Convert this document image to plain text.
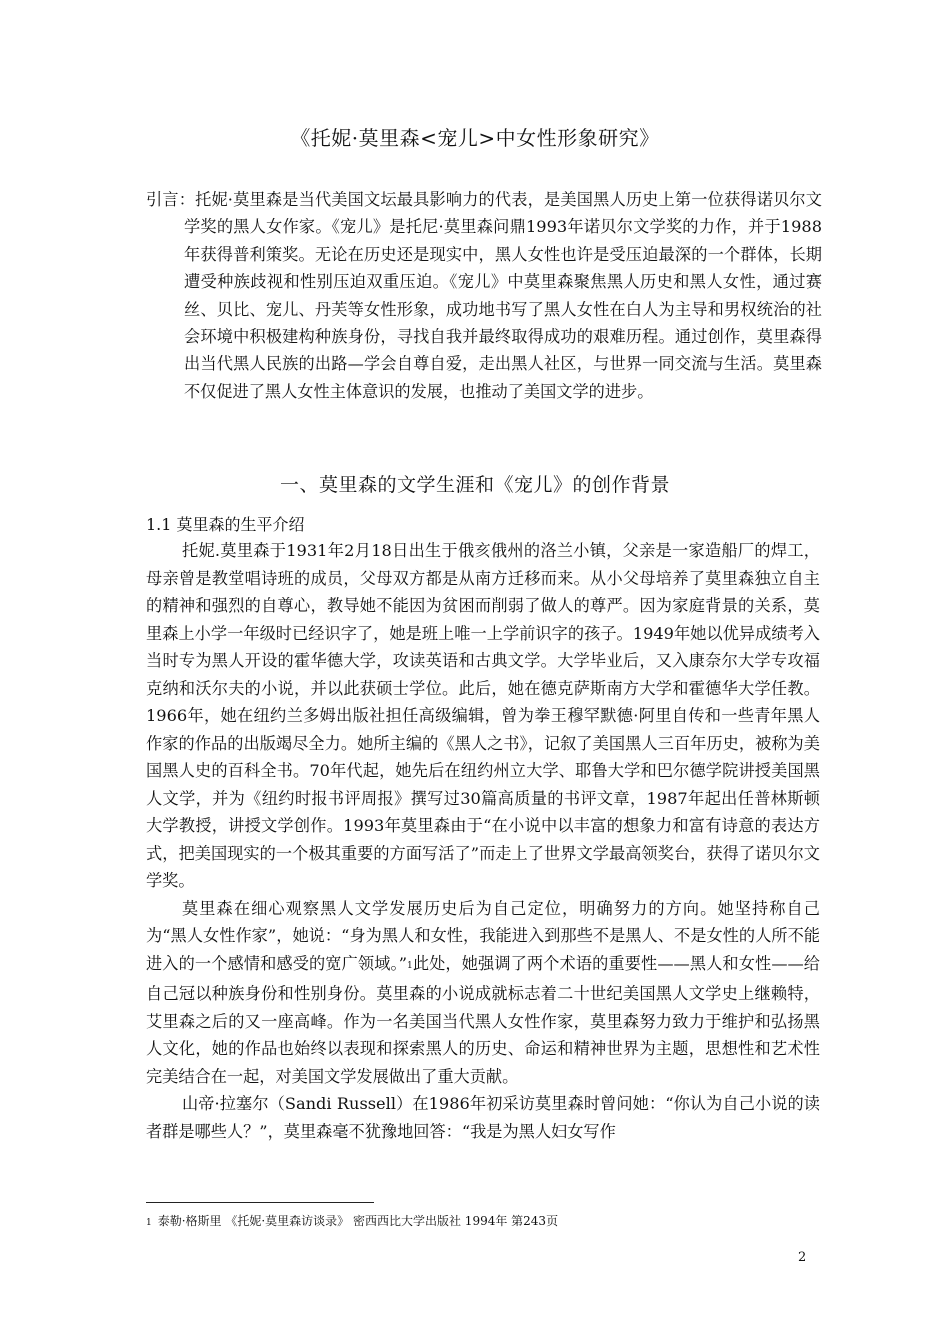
《托妮·莫里森<宠儿>中女性形象研究》

引言：托妮·莫里森是当代美国文坛最具影响力的代表，是美国黑人历史上第一位获得诺贝尔文学奖的黑人女作家。《宠儿》是托尼·莫里森问鼎1993年诺贝尔文学奖的力作，并于1988年获得普利策奖。无论在历史还是现实中，黑人女性也许是受压迫最深的一个群体，长期遭受种族歧视和性别压迫双重压迫。《宠儿》中莫里森聚焦黑人历史和黑人女性，通过赛丝、贝比、宠儿、丹芙等女性形象，成功地书写了黑人女性在白人为主导和男权统治的社会环境中积极建构种族身份，寻找自我并最终取得成功的艰难历程。通过创作，莫里森得出当代黑人民族的出路—学会自尊自爱，走出黑人社区，与世界一同交流与生活。莫里森不仅促进了黑人女性主体意识的发展，也推动了美国文学的进步。

一、莫里森的文学生涯和《宠儿》的创作背景
1.1 莫里森的生平介绍

托妮.莫里森于1931年2月18日出生于俄亥俄州的洛兰小镇，父亲是一家造船厂的焊工，母亲曾是教堂唱诗班的成员，父母双方都是从南方迁移而来。从小父母培养了莫里森独立自主的精神和强烈的自尊心，教导她不能因为贫困而削弱了做人的尊严。因为家庭背景的关系，莫里森上小学一年级时已经识字了，她是班上唯一上学前识字的孩子。1949年她以优异成绩考入当时专为黑人开设的霍华德大学，攻读英语和古典文学。大学毕业后，又入康奈尔大学专攻福克纳和沃尔夫的小说，并以此获硕士学位。此后，她在德克萨斯南方大学和霍德华大学任教。1966年，她在纽约兰多姆出版社担任高级编辑，曾为拳王穆罕默德·阿里自传和一些青年黑人作家的作品的出版竭尽全力。她所主编的《黑人之书》，记叙了美国黑人三百年历史，被称为美国黑人史的百科全书。70年代起，她先后在纽约州立大学、耶鲁大学和巴尔德学院讲授美国黑人文学，并为《纽约时报书评周报》撰写过30篇高质量的书评文章，1987年起出任普林斯顿大学教授，讲授文学创作。1993年莫里森由于“在小说中以丰富的想象力和富有诗意的表达方式，把美国现实的一个极其重要的方面写活了”而走上了世界文学最高领奖台，获得了诺贝尔文学奖。

莫里森在细心观察黑人文学发展历史后为自己定位，明确努力的方向。她坚持称自己为“黑人女性作家”，她说：“身为黑人和女性，我能进入到那些不是黑人、不是女性的人所不能进入的一个感情和感受的宽广领域。”$^1$此处，她强调了两个术语的重要性——黑人和女性——给自己冠以种族身份和性别身份。莫里森的小说成就标志着二十世纪美国黑人文学史上继赖特，艾里森之后的又一座高峰。作为一名美国当代黑人女性作家，莫里森努力致力于维护和弘扬黑人文化，她的作品也始终以表现和探索黑人的历史、命运和精神世界为主题，思想性和艺术性完美结合在一起，对美国文学发展做出了重大贡献。

山帝·拉塞尔（Sandi Russell）在1986年初采访莫里森时曾问她：“你认为自己小说的读者群是哪些人？”，莫里森毫不犹豫地回答：“我是为黑人妇女写作

1 泰勒·格斯里 《托妮·莫里森访谈录》 密西西比大学出版社 1994年 第243页
2
